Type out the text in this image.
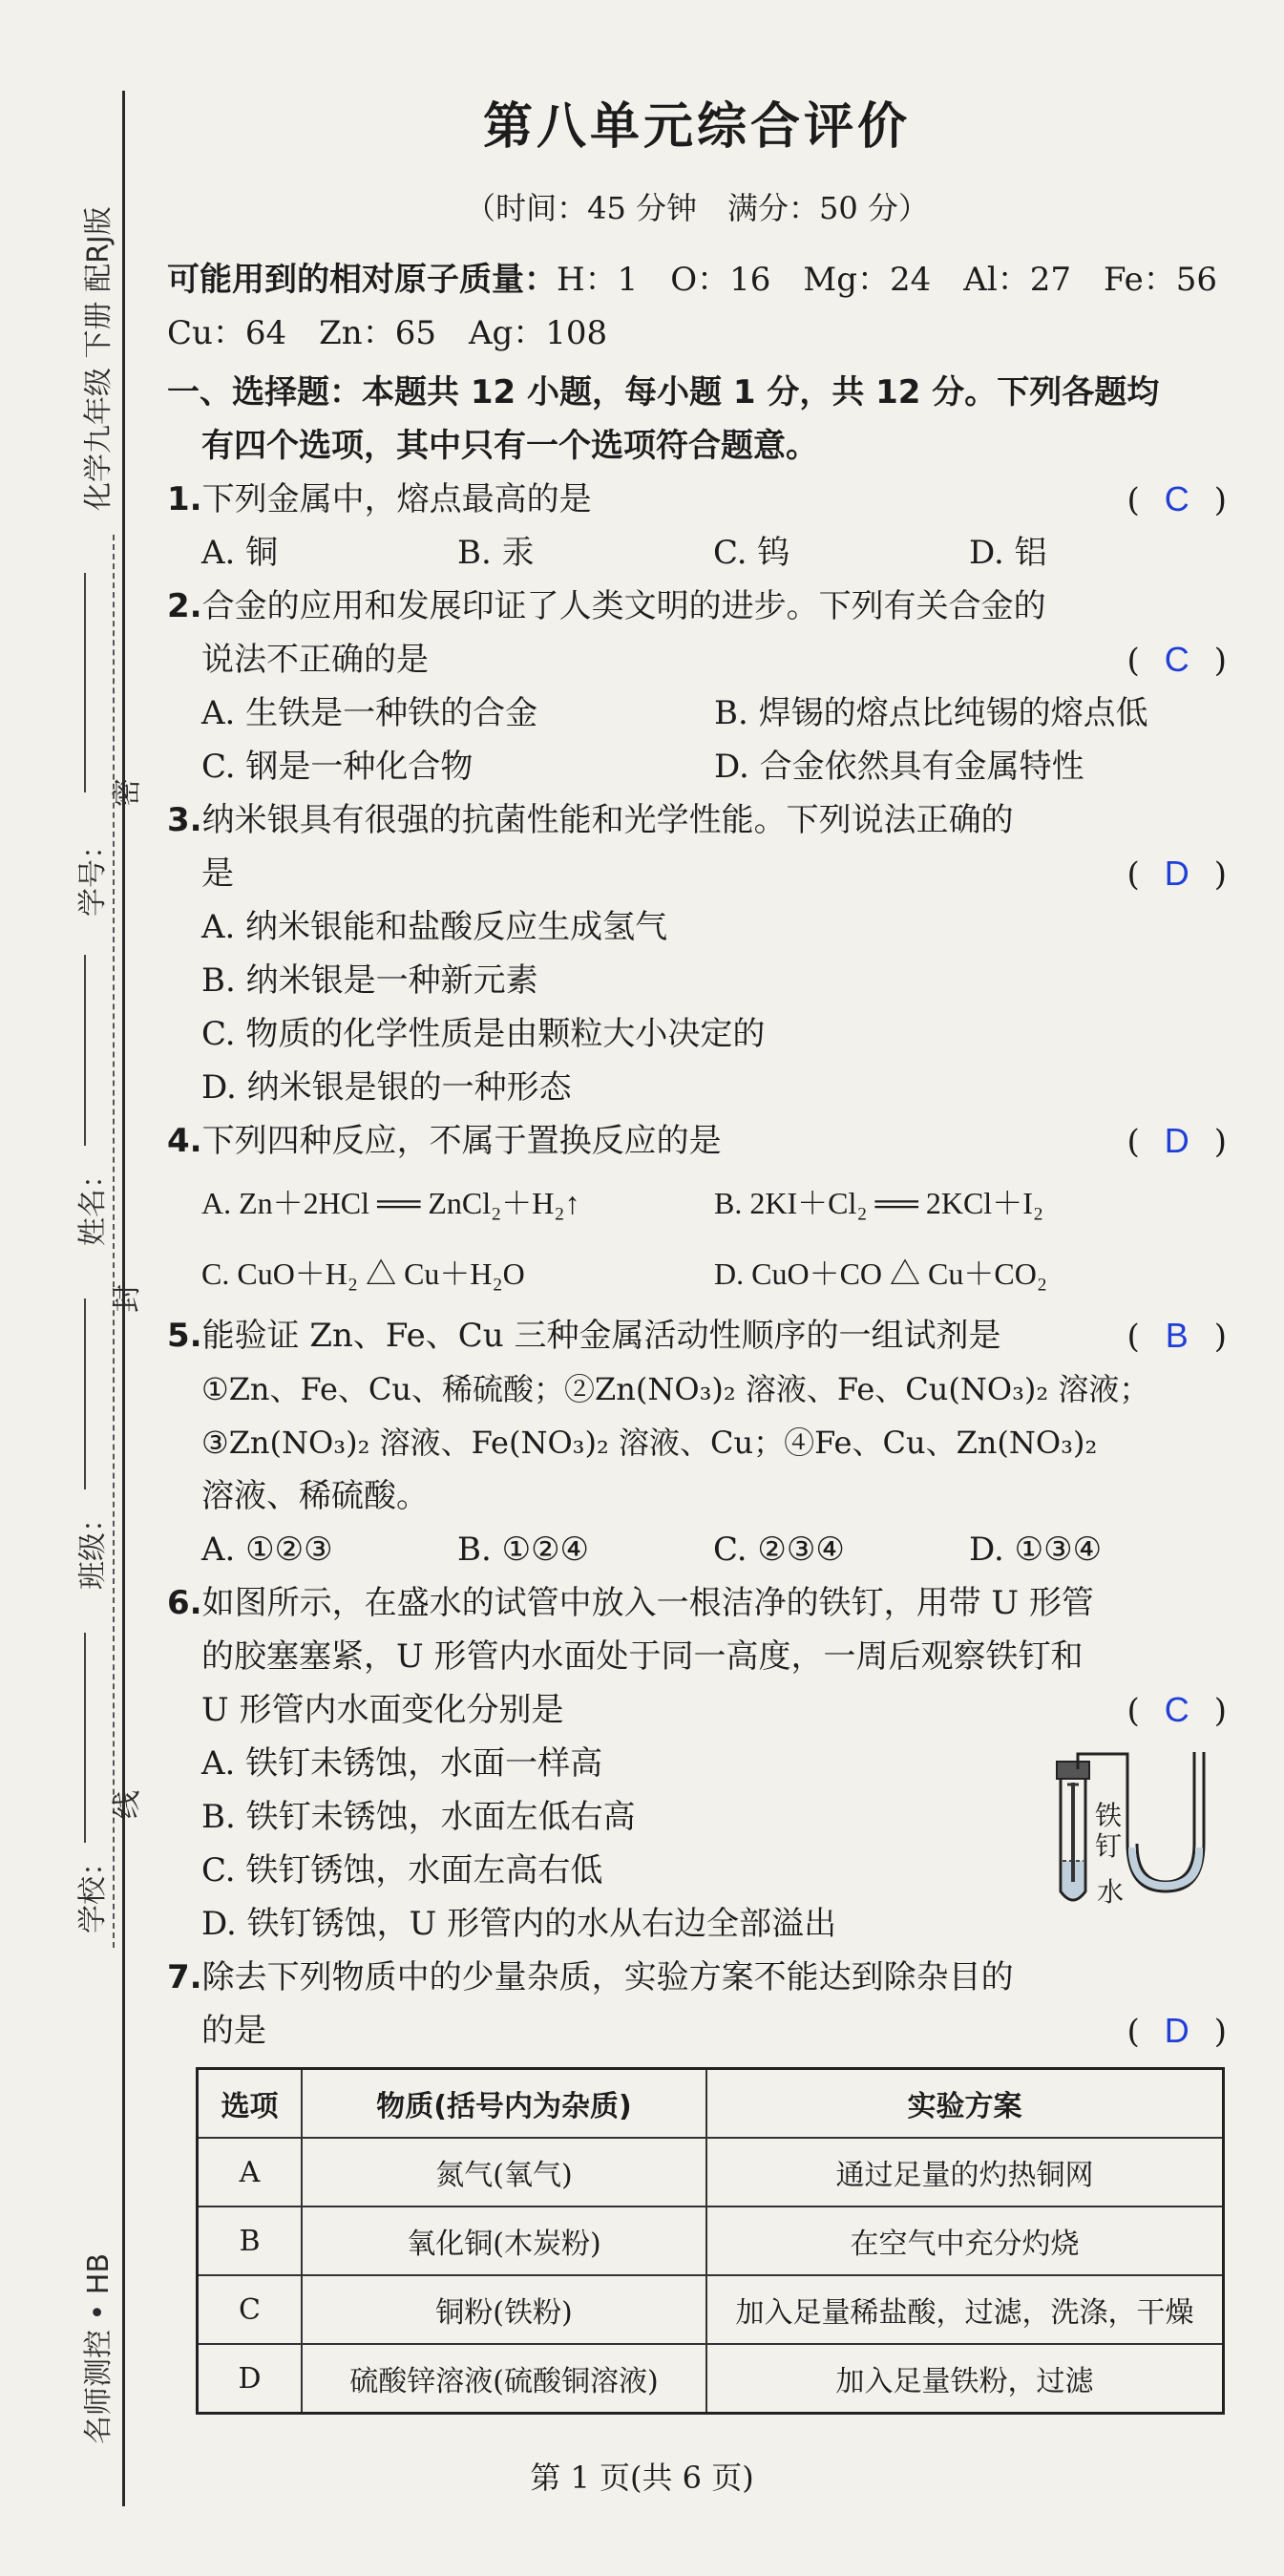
化学九年级 下册 配RJ版
学号：
姓名：
班级：
学校：
密
封
线
名师测控 • HB
第八单元综合评价
（时间：45 分钟　满分：50 分）
可能用到的相对原子质量：H：1　O：16　Mg：24　Al：27　Fe：56
Cu：64　Zn：65　Ag：108
一、选择题：本题共 12 小题，每小题 1 分，共 12 分。下列各题均
有四个选项，其中只有一个选项符合题意。
1.下列金属中，熔点最高的是	( C )
A. 铜	B. 汞	C. 钨	D. 铝
2.合金的应用和发展印证了人类文明的进步。下列有关合金的
说法不正确的是	( C )
A. 生铁是一种铁的合金	B. 焊锡的熔点比纯锡的熔点低
C. 钢是一种化合物	D. 合金依然具有金属特性
3.纳米银具有很强的抗菌性能和光学性能。下列说法正确的
是	( D )
A. 纳米银能和盐酸反应生成氢气
B. 纳米银是一种新元素
C. 物质的化学性质是由颗粒大小决定的
D. 纳米银是银的一种形态
4.下列四种反应，不属于置换反应的是	( D )
A. Zn＋2HCl ══ ZnCl₂＋H₂↑	B. 2KI＋Cl₂ ══ 2KCl＋I₂
C. CuO＋H₂ △ Cu＋H₂O	D. CuO＋CO △ Cu＋CO₂
5.能验证 Zn、Fe、Cu 三种金属活动性顺序的一组试剂是	( B )
①Zn、Fe、Cu、稀硫酸；②Zn(NO₃)₂ 溶液、Fe、Cu(NO₃)₂ 溶液；
③Zn(NO₃)₂ 溶液、Fe(NO₃)₂ 溶液、Cu；④Fe、Cu、Zn(NO₃)₂
溶液、稀硫酸。
A. ①②③	B. ①②④	C. ②③④	D. ①③④
6.如图所示，在盛水的试管中放入一根洁净的铁钉，用带 U 形管
的胶塞塞紧，U 形管内水面处于同一高度，一周后观察铁钉和
U 形管内水面变化分别是	( C )
A. 铁钉未锈蚀，水面一样高
B. 铁钉未锈蚀，水面左低右高
C. 铁钉锈蚀，水面左高右低
D. 铁钉锈蚀，U 形管内的水从右边全部溢出
铁
钉
水
7.除去下列物质中的少量杂质，实验方案不能达到除杂目的
的是	( D )
选项	物质(括号内为杂质)	实验方案
A	氮气(氧气)	通过足量的灼热铜网
B	氧化铜(木炭粉)	在空气中充分灼烧
C	铜粉(铁粉)	加入足量稀盐酸，过滤，洗涤，干燥
D	硫酸锌溶液(硫酸铜溶液)	加入足量铁粉，过滤
第 1 页(共 6 页)
